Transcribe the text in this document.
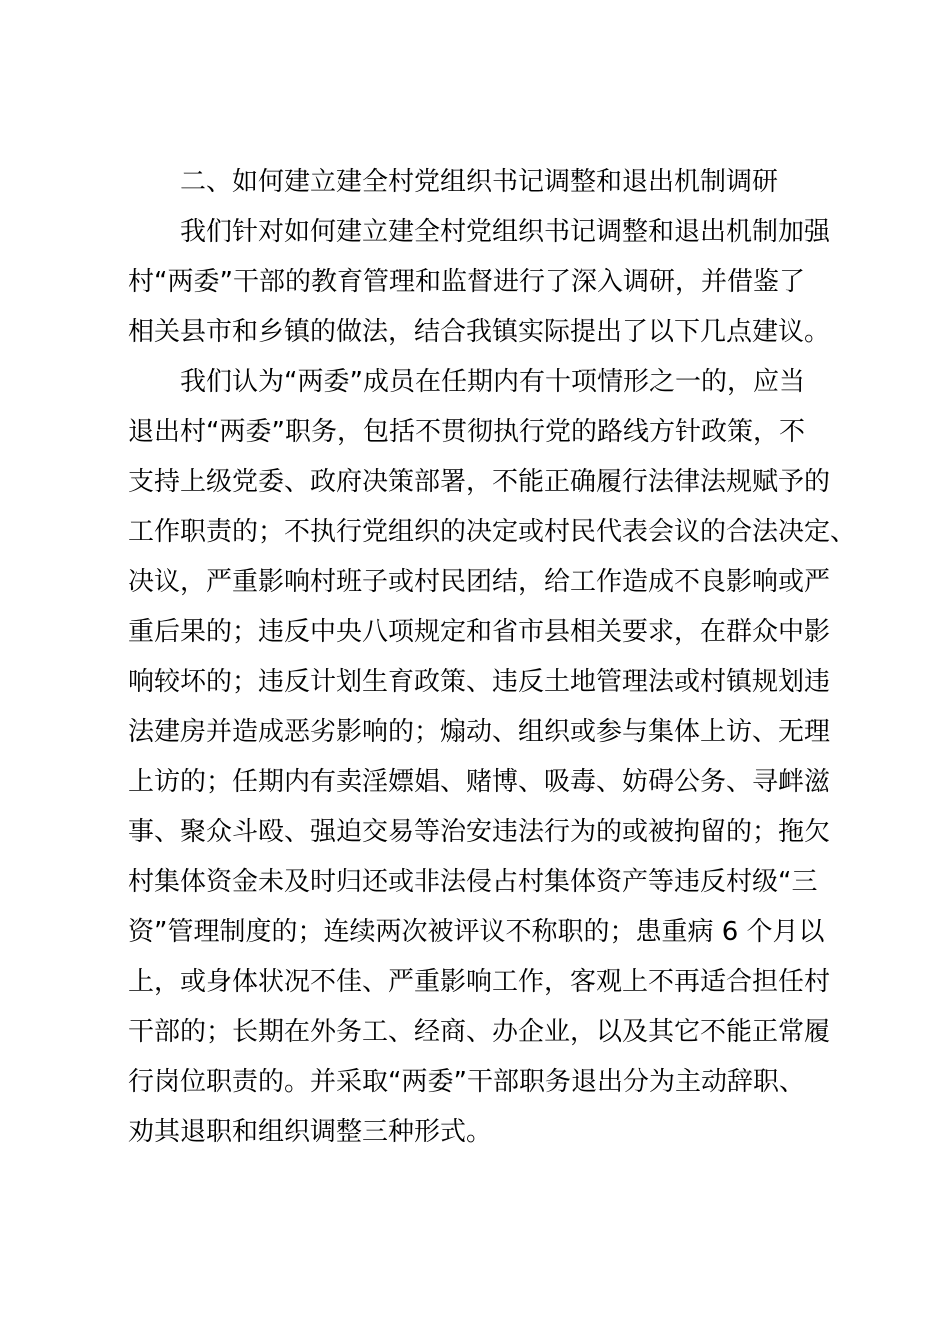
二、如何建立建全村党组织书记调整和退出机制调研
我们针对如何建立建全村党组织书记调整和退出机制加强
村“两委”干部的教育管理和监督进行了深入调研，并借鉴了
相关县市和乡镇的做法，结合我镇实际提出了以下几点建议。
我们认为“两委”成员在任期内有十项情形之一的，应当
退出村“两委”职务，包括不贯彻执行党的路线方针政策，不
支持上级党委、政府决策部署，不能正确履行法律法规赋予的
工作职责的；不执行党组织的决定或村民代表会议的合法决定、
决议，严重影响村班子或村民团结，给工作造成不良影响或严
重后果的；违反中央八项规定和省市县相关要求，在群众中影
响较坏的；违反计划生育政策、违反土地管理法或村镇规划违
法建房并造成恶劣影响的；煽动、组织或参与集体上访、无理
上访的；任期内有卖淫嫖娼、赌博、吸毒、妨碍公务、寻衅滋
事、聚众斗殴、强迫交易等治安违法行为的或被拘留的；拖欠
村集体资金未及时归还或非法侵占村集体资产等违反村级“三
资”管理制度的；连续两次被评议不称职的；患重病 6 个月以
上，或身体状况不佳、严重影响工作，客观上不再适合担任村
干部的；长期在外务工、经商、办企业，以及其它不能正常履
行岗位职责的。并采取“两委”干部职务退出分为主动辞职、
劝其退职和组织调整三种形式。
